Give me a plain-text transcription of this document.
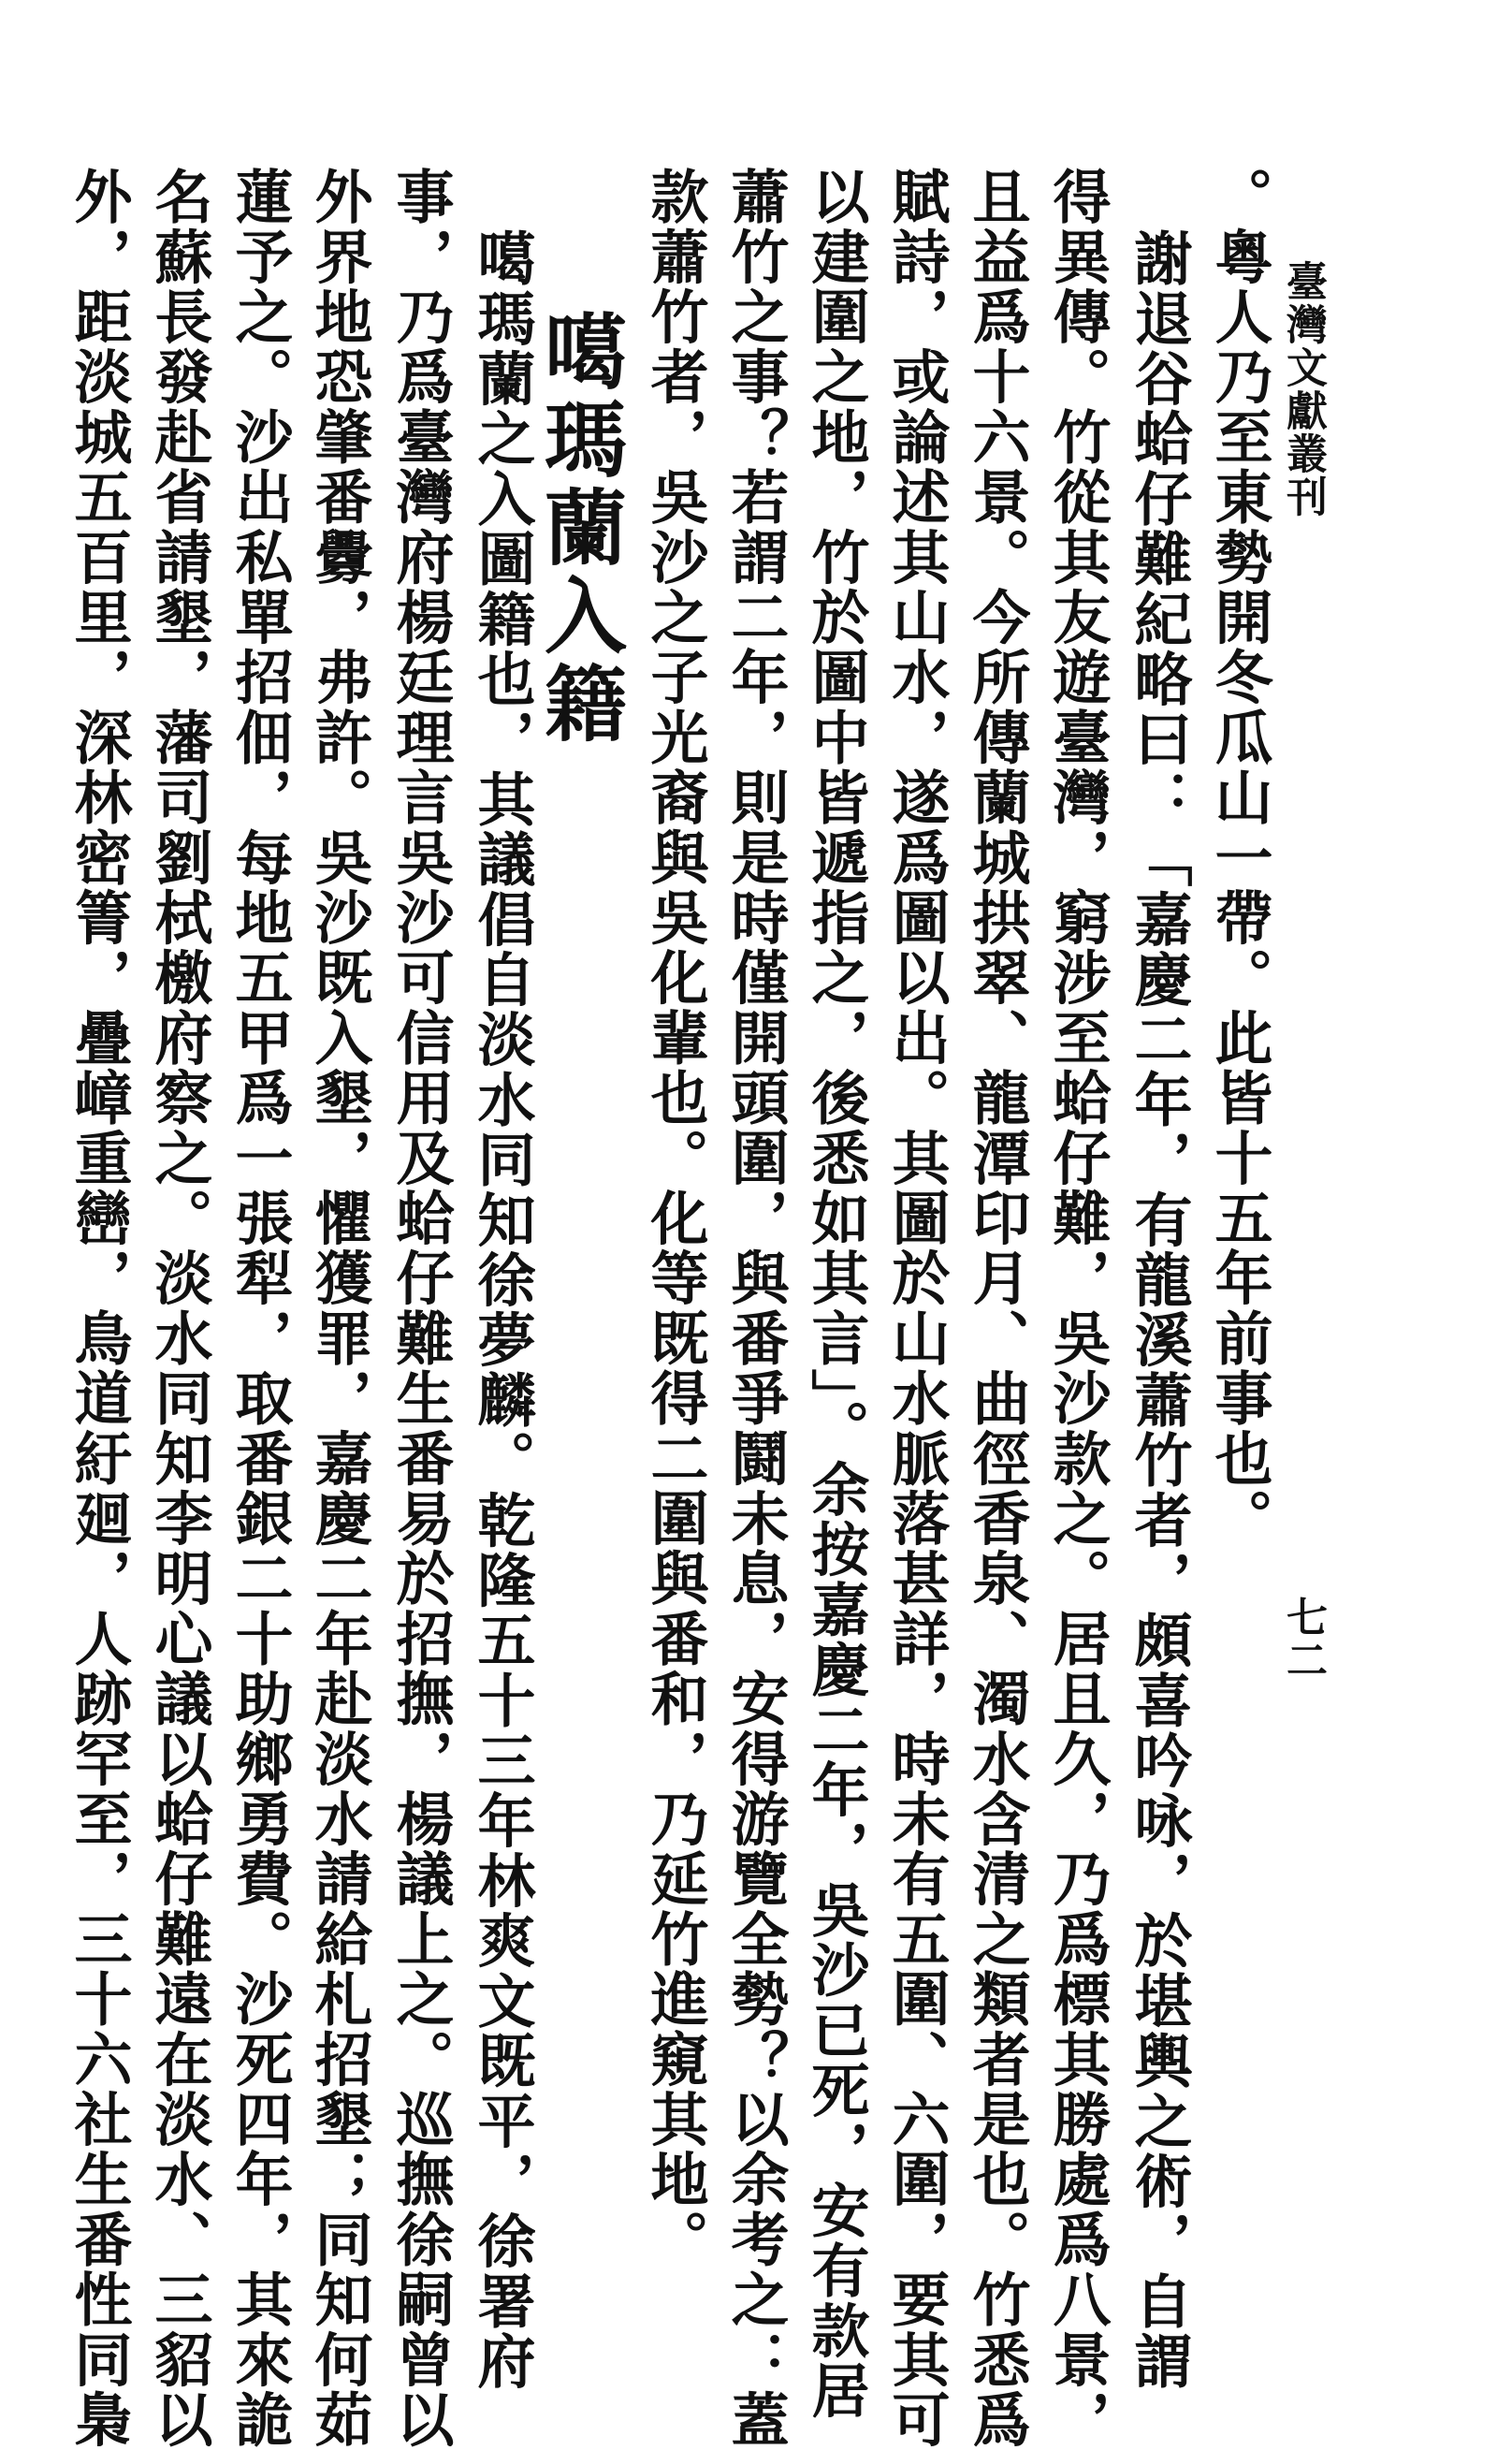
臺灣文獻叢刊
七二
。粵人乃至東勢開冬瓜山一帶。此皆十五年前事也。
謝退谷蛤仔難紀略曰：「嘉慶二年，有龍溪蕭竹者，頗喜吟咏，於堪輿之術，自謂
得異傳。竹從其友遊臺灣，窮涉至蛤仔難，吳沙款之。居且久，乃爲標其勝處爲八景，
且益爲十六景。今所傳蘭城拱翠、龍潭印月、曲徑香泉、濁水含清之類者是也。竹悉爲
賦詩，或論述其山水，遂爲圖以出。其圖於山水脈落甚詳，時未有五圍、六圍，要其可
以建圍之地，竹於圖中皆遞指之，後悉如其言」。余按嘉慶二年，吳沙已死，安有款居
蕭竹之事？若謂二年，則是時僅開頭圍，與番爭鬪未息，安得游覽全勢？以余考之：蓋
款蕭竹者，吳沙之子光裔與吳化輩也。化等既得二圍與番和，乃延竹進窺其地。
噶瑪蘭入籍
噶瑪蘭之入圖籍也，其議倡自淡水同知徐夢麟。乾隆五十三年林爽文既平，徐署府
事，乃爲臺灣府楊廷理言吳沙可信用及蛤仔難生番易於招撫，楊議上之。巡撫徐嗣曾以
外界地恐肇番釁，弗許。吳沙既入墾，懼獲罪，嘉慶二年赴淡水請給札招墾；同知何茹
蓮予之。沙出私單招佃，每地五甲爲一張犁，取番銀二十助鄉勇費。沙死四年，其來詭
名蘇長發赴省請墾，藩司劉栻檄府察之。淡水同知李明心議以蛤仔難遠在淡水、三貂以
外，距淡城五百里，深林密箐，疊嶂重巒，鳥道紆廻，人跡罕至，三十六社生番性同梟
